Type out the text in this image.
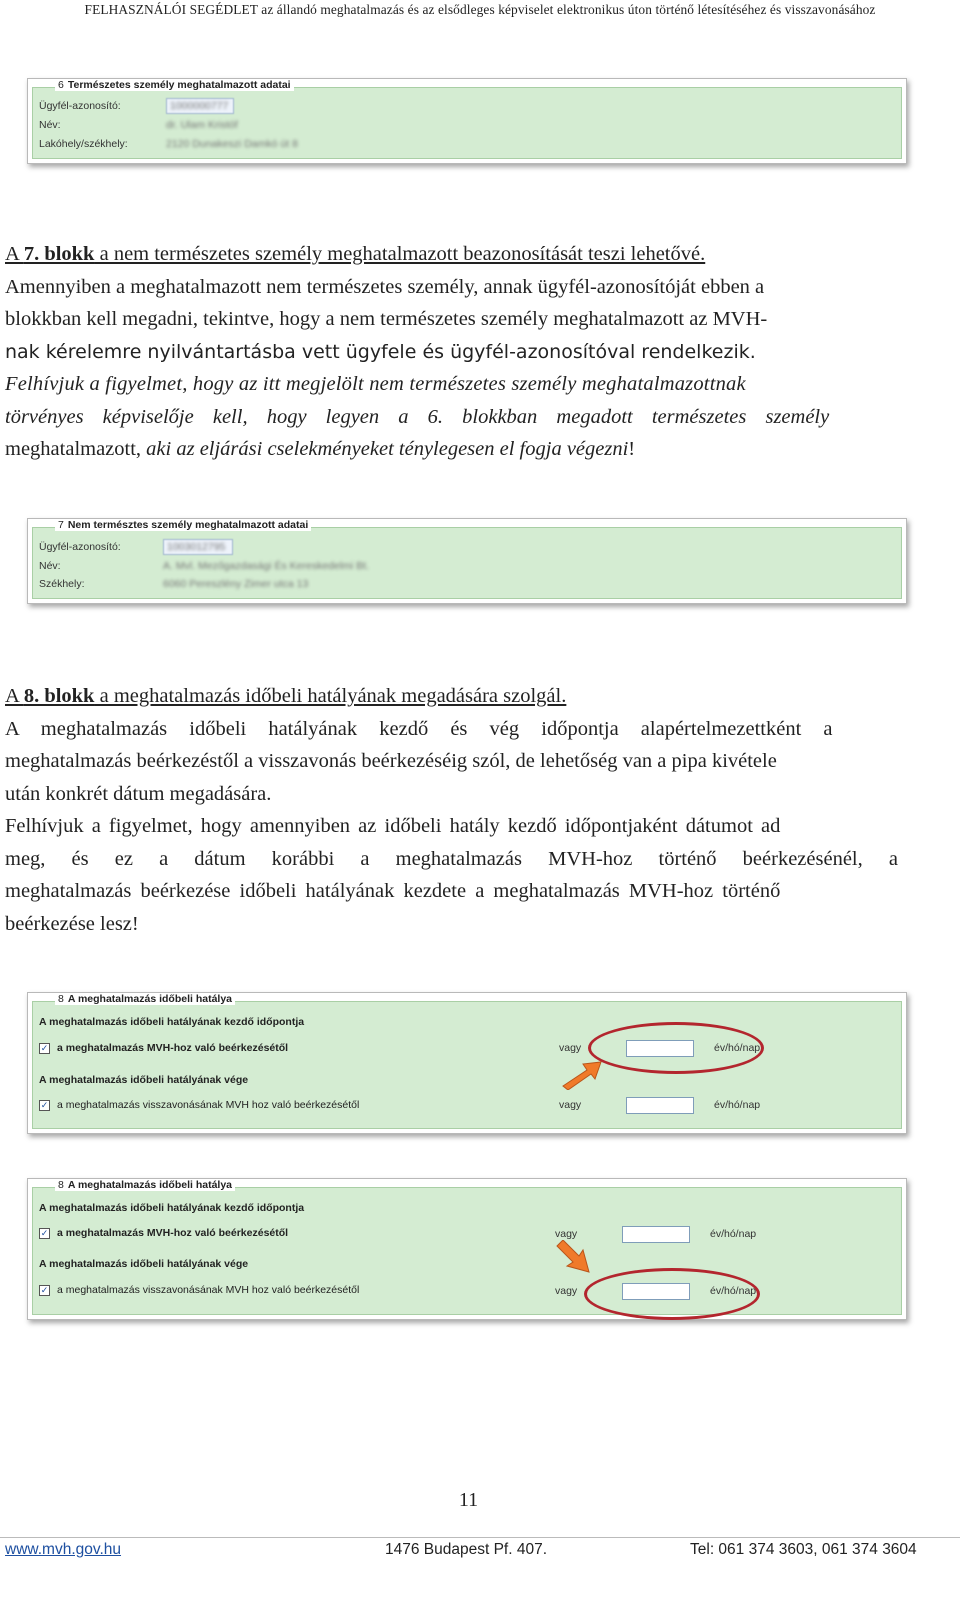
FELHASZNÁLÓI SEGÉDLET az állandó meghatalmazás és az elsődleges képviselet elektronikus úton történő létesítéséhez és visszavonásához
6 Természetes személy meghatalmazott adatai
Ügyfél-azonosító:	1000000777
Név:	dr. Ulam Kristóf
Lakóhely/székhely:	2120 Dunakeszi Damkó út 8
A 7. blokk a nem természetes személy meghatalmazott beazonosítását teszi lehetővé.
Amennyiben a meghatalmazott nem természetes személy, annak ügyfél-azonosítóját ebben a
blokkban kell megadni, tekintve, hogy a nem természetes személy meghatalmazott az MVH-
nak kérelemre nyilvántartásba vett ügyfele és ügyfél-azonosítóval rendelkezik.
Felhívjuk a figyelmet, hogy az itt megjelölt nem természetes személy meghatalmazottnak
törvényes képviselője kell, hogy legyen a 6. blokkban megadott természetes személy
meghatalmazott, aki az eljárási cselekményeket ténylegesen el fogja végezni!
7 Nem természtes személy meghatalmazott adatai
Ügyfél-azonosító:	1003012795
Név:	A. Mvl. Mezőgazdasági És Kereskedelmi Bt.
Székhely:	6060 Pereszlény Zimer utca 13
A 8. blokk a meghatalmazás időbeli hatályának megadására szolgál.
A meghatalmazás időbeli hatályának kezdő és vég időpontja alapértelmezettként a
meghatalmazás beérkezéstől a visszavonás beérkezéséig szól, de lehetőség van a pipa kivétele
után konkrét dátum megadására.
Felhívjuk a figyelmet, hogy amennyiben az időbeli hatály kezdő időpontjaként dátumot ad
meg, és ez a dátum korábbi a meghatalmazás MVH-hoz történő beérkezésénél, a
meghatalmazás beérkezése időbeli hatályának kezdete a meghatalmazás MVH-hoz történő
beérkezése lesz!
8 A meghatalmazás időbeli hatálya
A meghatalmazás időbeli hatályának kezdő időpontja
✓ a meghatalmazás MVH-hoz való beérkezésétől	vagy	év/hó/nap
A meghatalmazás időbeli hatályának vége
✓ a meghatalmazás visszavonásának MVH hoz való beérkezésétől	vagy	év/hó/nap
8 A meghatalmazás időbeli hatálya
A meghatalmazás időbeli hatályának kezdő időpontja
✓ a meghatalmazás MVH-hoz való beérkezésétől	vagy	év/hó/nap
A meghatalmazás időbeli hatályának vége
✓ a meghatalmazás visszavonásának MVH hoz való beérkezésétől	vagy	év/hó/nap
11
www.mvh.gov.hu	1476 Budapest Pf. 407.	Tel: 061 374 3603, 061 374 3604
